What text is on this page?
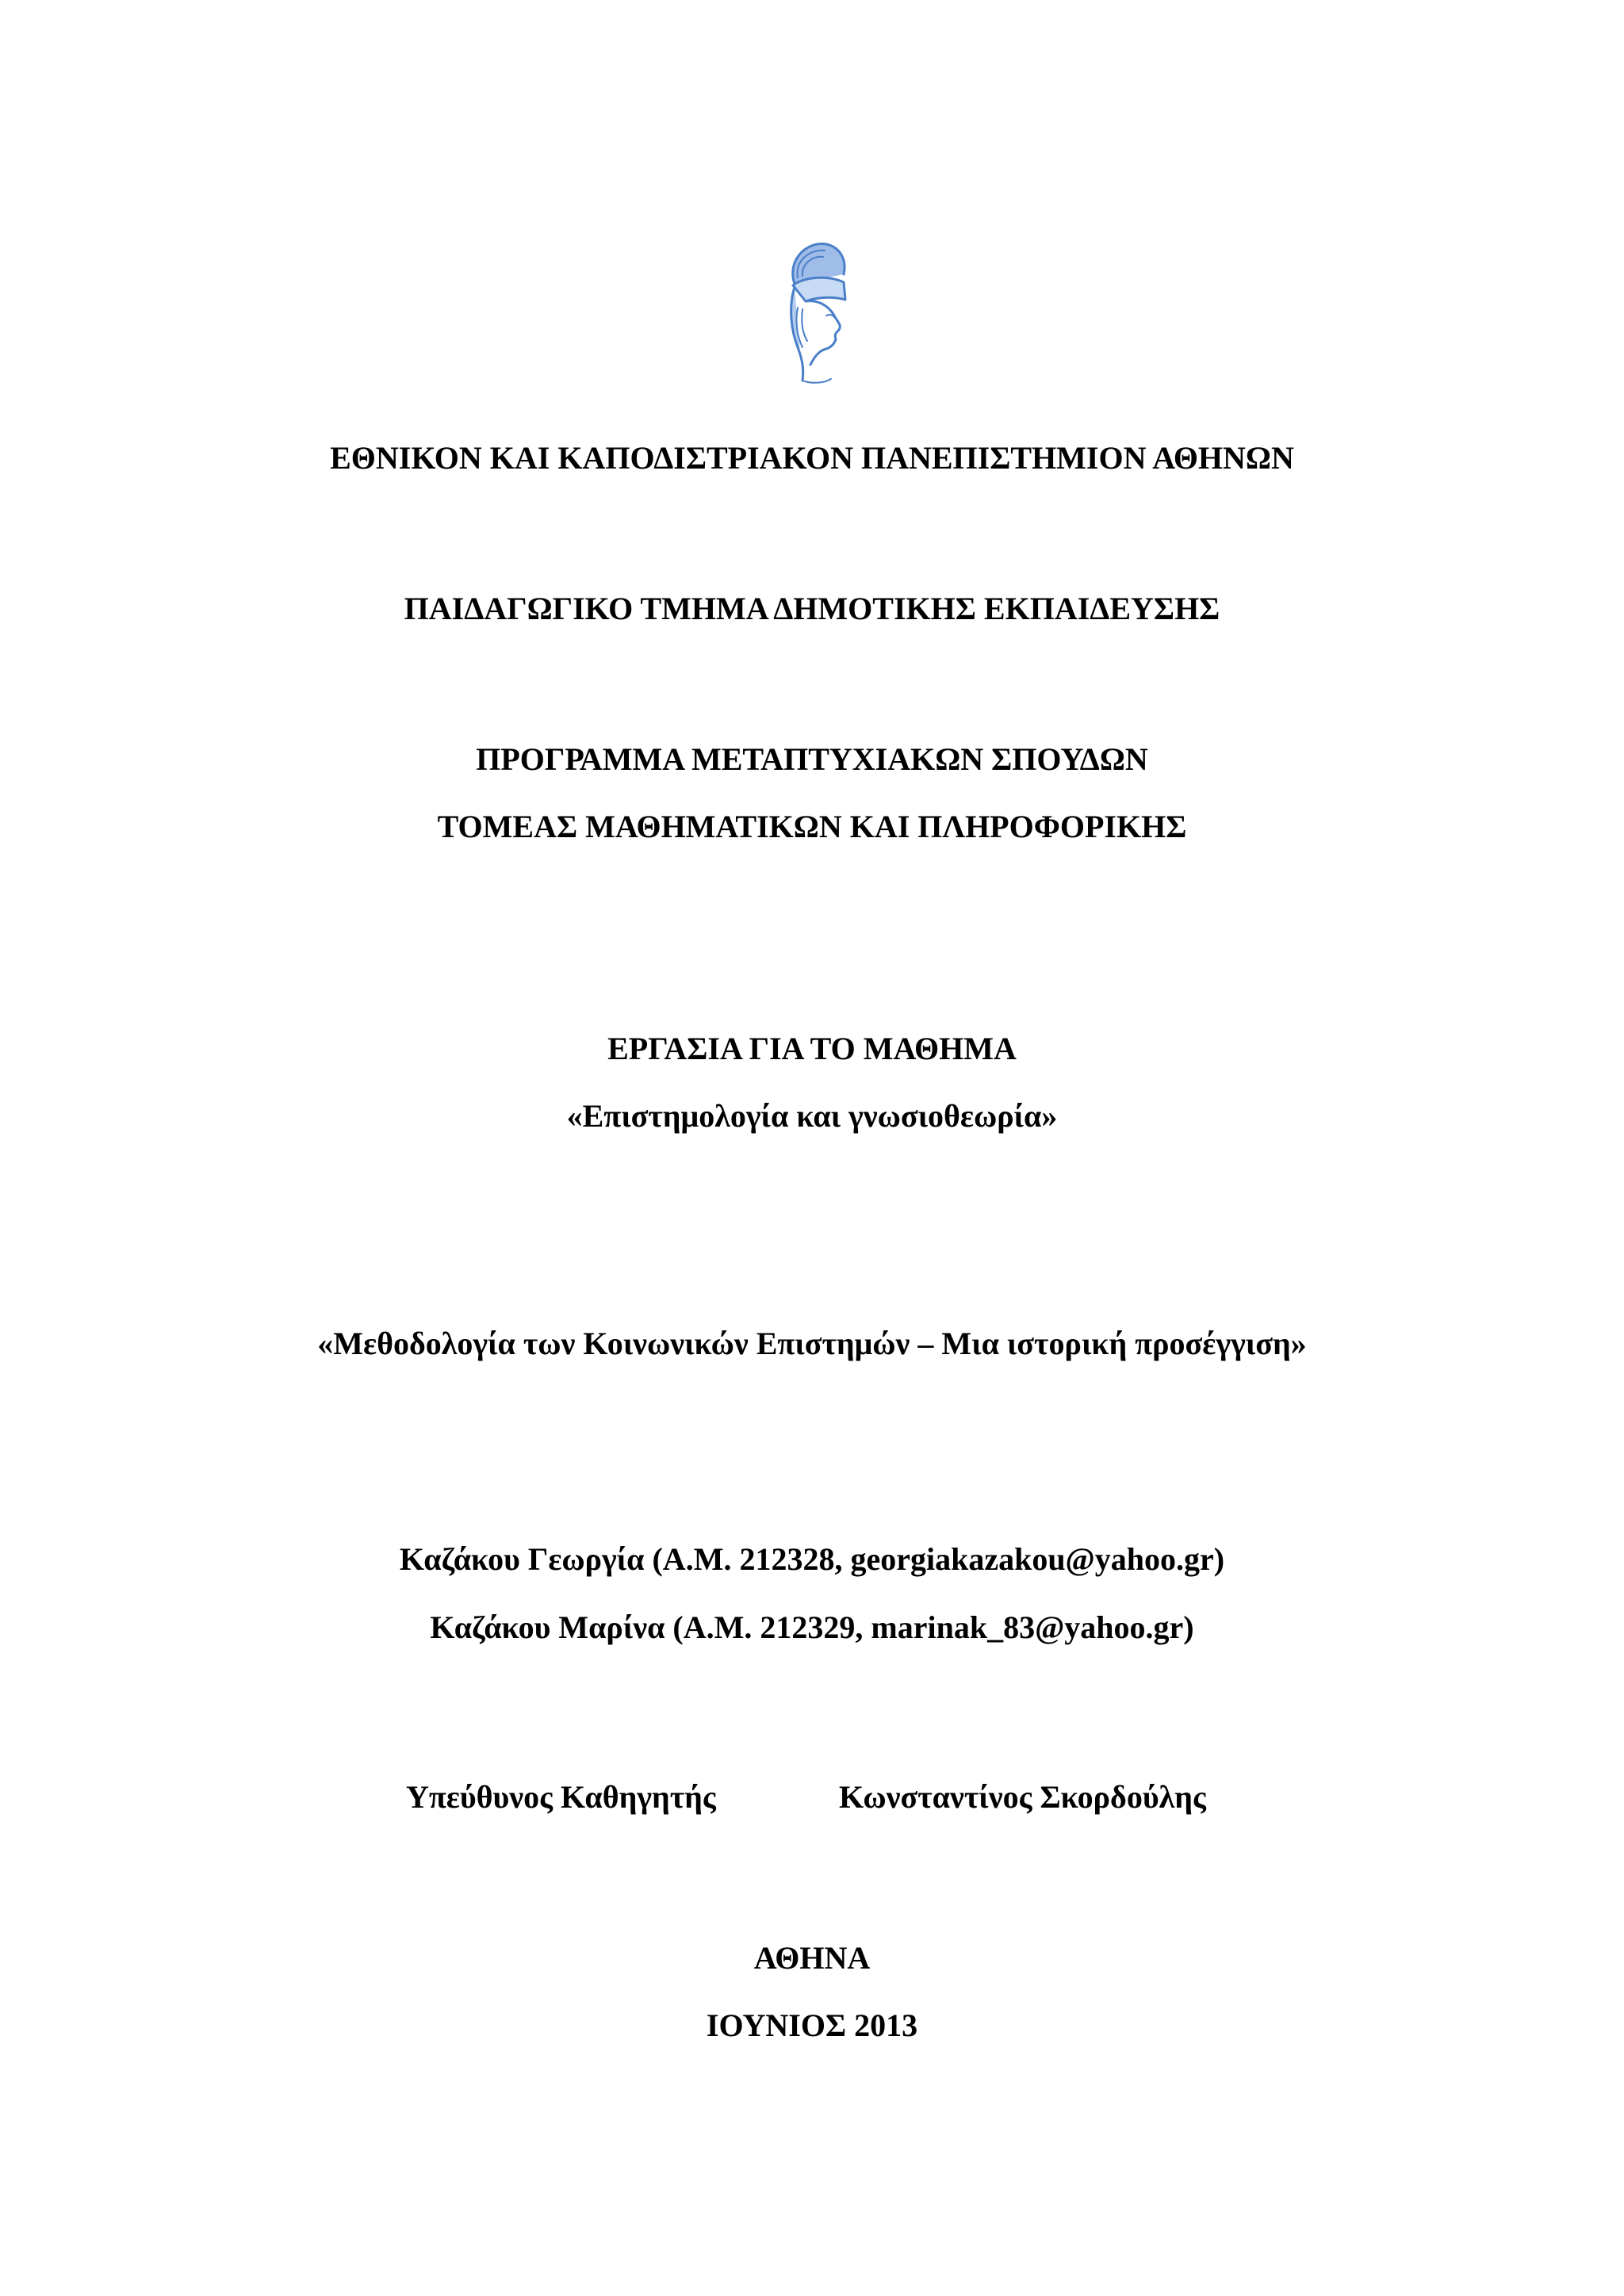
ΕΘΝΙΚΟΝ ΚΑΙ ΚΑΠΟΔΙΣΤΡΙΑΚΟΝ ΠΑΝΕΠΙΣΤΗΜΙΟΝ ΑΘΗΝΩΝ
ΠΑΙΔΑΓΩΓΙΚΟ ΤΜΗΜΑ ΔΗΜΟΤΙΚΗΣ ΕΚΠΑΙΔΕΥΣΗΣ
ΠΡΟΓΡΑΜΜΑ ΜΕΤΑΠΤΥΧΙΑΚΩΝ ΣΠΟΥΔΩΝ
ΤΟΜΕΑΣ ΜΑΘΗΜΑΤΙΚΩΝ ΚΑΙ ΠΛΗΡΟΦΟΡΙΚΗΣ
ΕΡΓΑΣΙΑ ΓΙΑ ΤΟ ΜΑΘΗΜΑ
«Επιστημολογία και γνωσιοθεωρία»
«Μεθοδολογία των Κοινωνικών Επιστημών – Μια ιστορική προσέγγιση»
Καζάκου Γεωργία (Α.Μ. 212328, georgiakazakou@yahoo.gr)
Καζάκου Μαρίνα (Α.Μ. 212329, marinak_83@yahoo.gr)
Υπεύθυνος Καθηγητής	Κωνσταντίνος Σκορδούλης
ΑΘΗΝΑ
ΙΟΥΝΙΟΣ 2013
